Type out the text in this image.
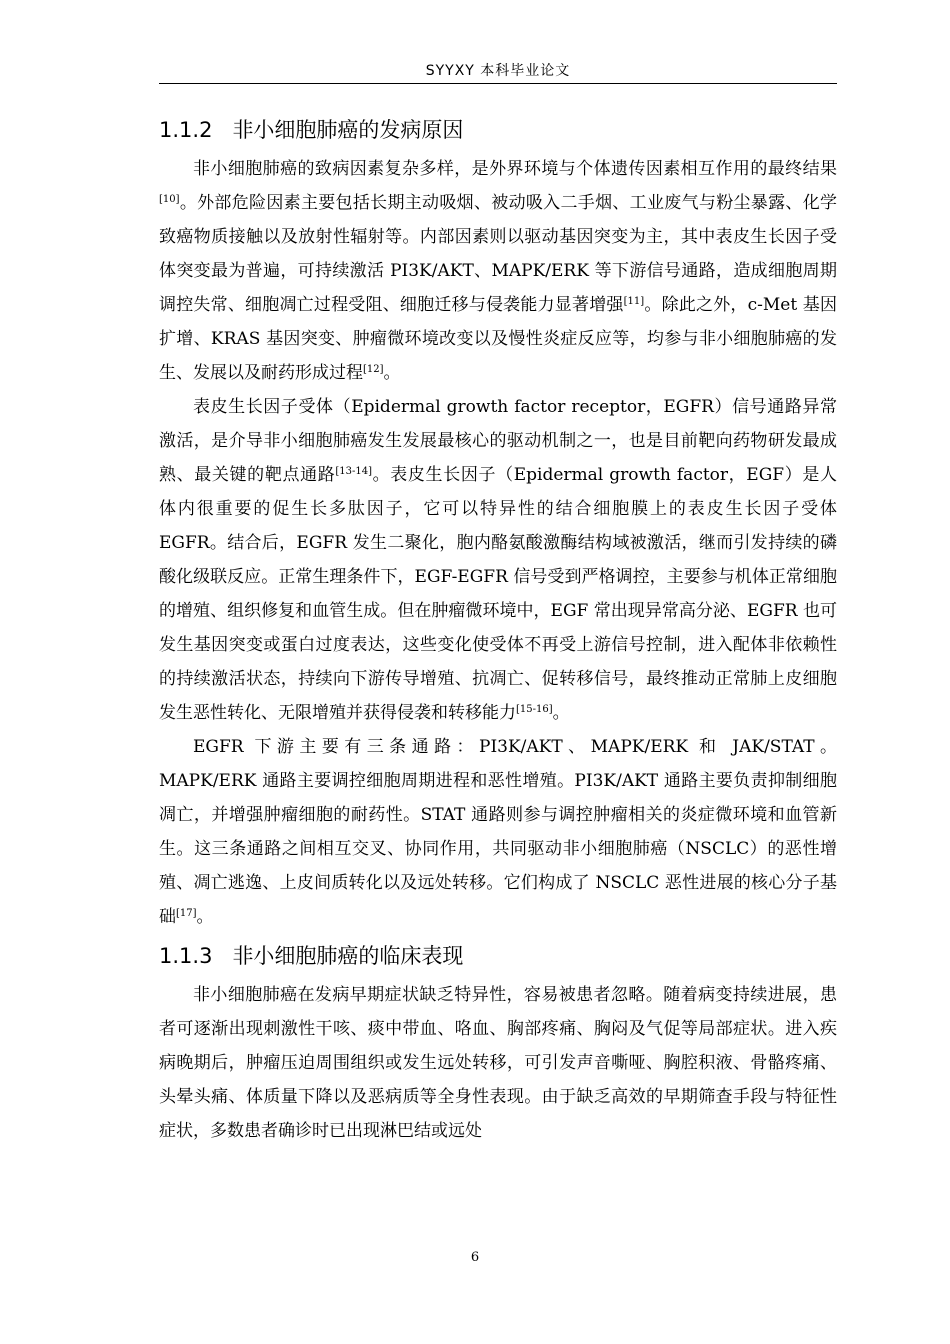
SYYXY 本科毕业论文
1.1.2 非小细胞肺癌的发病原因

非小细胞肺癌的致病因素复杂多样，是外界环境与个体遗传因素相互作用的最终结果[10]。外部危险因素主要包括长期主动吸烟、被动吸入二手烟、工业废气与粉尘暴露、化学致癌物质接触以及放射性辐射等。内部因素则以驱动基因突变为主，其中表皮生长因子受体突变最为普遍，可持续激活 PI3K/AKT、MAPK/ERK 等下游信号通路，造成细胞周期调控失常、细胞凋亡过程受阻、细胞迁移与侵袭能力显著增强[11]。除此之外，c-Met 基因扩增、KRAS 基因突变、肿瘤微环境改变以及慢性炎症反应等，均参与非小细胞肺癌的发生、发展以及耐药形成过程[12]。

表皮生长因子受体（Epidermal growth factor receptor，EGFR）信号通路异常激活，是介导非小细胞肺癌发生发展最核心的驱动机制之一，也是目前靶向药物研发最成熟、最关键的靶点通路[13-14]。表皮生长因子（Epidermal growth factor，EGF）是人体内很重要的促生长多肽因子，它可以特异性的结合细胞膜上的表皮生长因子受体 EGFR。结合后，EGFR 发生二聚化，胞内酪氨酸激酶结构域被激活，继而引发持续的磷酸化级联反应。正常生理条件下，EGF-EGFR 信号受到严格调控，主要参与机体正常细胞的增殖、组织修复和血管生成。但在肿瘤微环境中，EGF 常出现异常高分泌、EGFR 也可发生基因突变或蛋白过度表达，这些变化使受体不再受上游信号控制，进入配体非依赖性的持续激活状态，持续向下游传导增殖、抗凋亡、促转移信号，最终推动正常肺上皮细胞发生恶性转化、无限增殖并获得侵袭和转移能力[15-16]。

EGFR 下游主要有三条通路：PI3K/AKT、MAPK/ERK 和 JAK/STAT。MAPK/ERK 通路主要调控细胞周期进程和恶性增殖。PI3K/AKT 通路主要负责抑制细胞凋亡，并增强肿瘤细胞的耐药性。STAT 通路则参与调控肿瘤相关的炎症微环境和血管新生。这三条通路之间相互交叉、协同作用，共同驱动非小细胞肺癌（NSCLC）的恶性增殖、凋亡逃逸、上皮间质转化以及远处转移。它们构成了 NSCLC 恶性进展的核心分子基础[17]。

1.1.3 非小细胞肺癌的临床表现

非小细胞肺癌在发病早期症状缺乏特异性，容易被患者忽略。随着病变持续进展，患者可逐渐出现刺激性干咳、痰中带血、咯血、胸部疼痛、胸闷及气促等局部症状。进入疾病晚期后，肿瘤压迫周围组织或发生远处转移，可引发声音嘶哑、胸腔积液、骨骼疼痛、头晕头痛、体质量下降以及恶病质等全身性表现。由于缺乏高效的早期筛查手段与特征性症状，多数患者确诊时已出现淋巴结或远处

6
